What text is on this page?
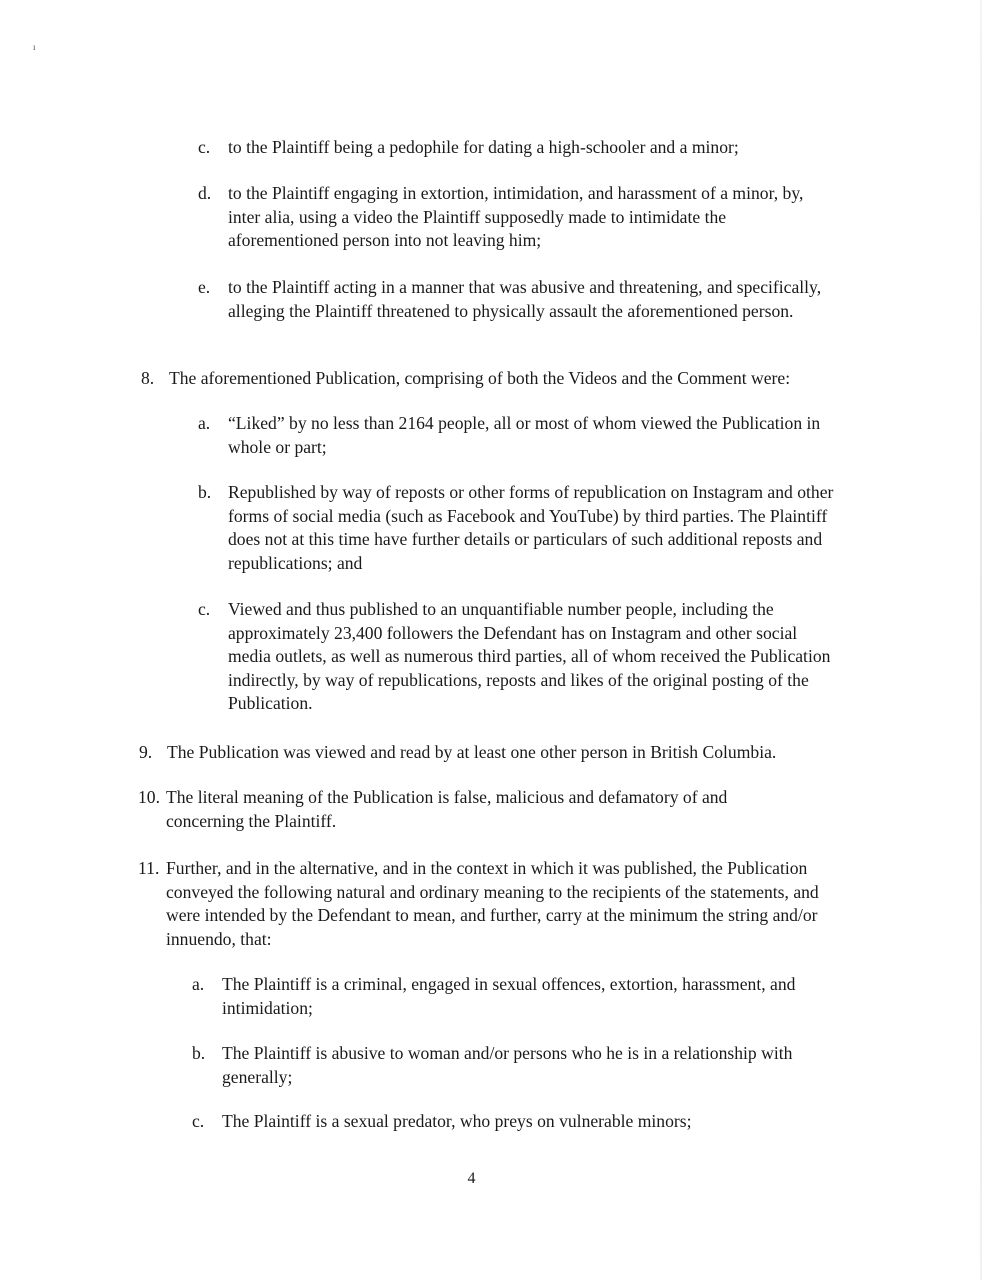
ı
c.	to the Plaintiff being a pedophile for dating a high-schooler and a minor;
d. to the Plaintiff engaging in extortion, intimidation, and harassment of a minor, by, inter alia, using a video the Plaintiff supposedly made to intimidate the aforementioned person into not leaving him;
e.	to the Plaintiff acting in a manner that was abusive and threatening, and specifically, alleging the Plaintiff threatened to physically assault the aforementioned person.
8. The aforementioned Publication, comprising of both the Videos and the Comment were:
a.	“Liked” by no less than 2164 people, all or most of whom viewed the Publication in whole or part;
b. Republished by way of reposts or other forms of republication on Instagram and other forms of social media (such as Facebook and YouTube) by third parties. The Plaintiff does not at this time have further details or particulars of such additional reposts and republications; and
c.	Viewed and thus published to an unquantifiable number people, including the approximately 23,400 followers the Defendant has on Instagram and other social media outlets, as well as numerous third parties, all of whom received the Publication indirectly, by way of republications, reposts and likes of the original posting of the Publication.
9. The Publication was viewed and read by at least one other person in British Columbia.
10. The literal meaning of the Publication is false, malicious and defamatory of and concerning the Plaintiff.
11. Further, and in the alternative, and in the context in which it was published, the Publication conveyed the following natural and ordinary meaning to the recipients of the statements, and were intended by the Defendant to mean, and further, carry at the minimum the string and/or innuendo, that:
a.	The Plaintiff is a criminal, engaged in sexual offences, extortion, harassment, and intimidation;
b. The Plaintiff is abusive to woman and/or persons who he is in a relationship with generally;
c.	The Plaintiff is a sexual predator, who preys on vulnerable minors;
4
